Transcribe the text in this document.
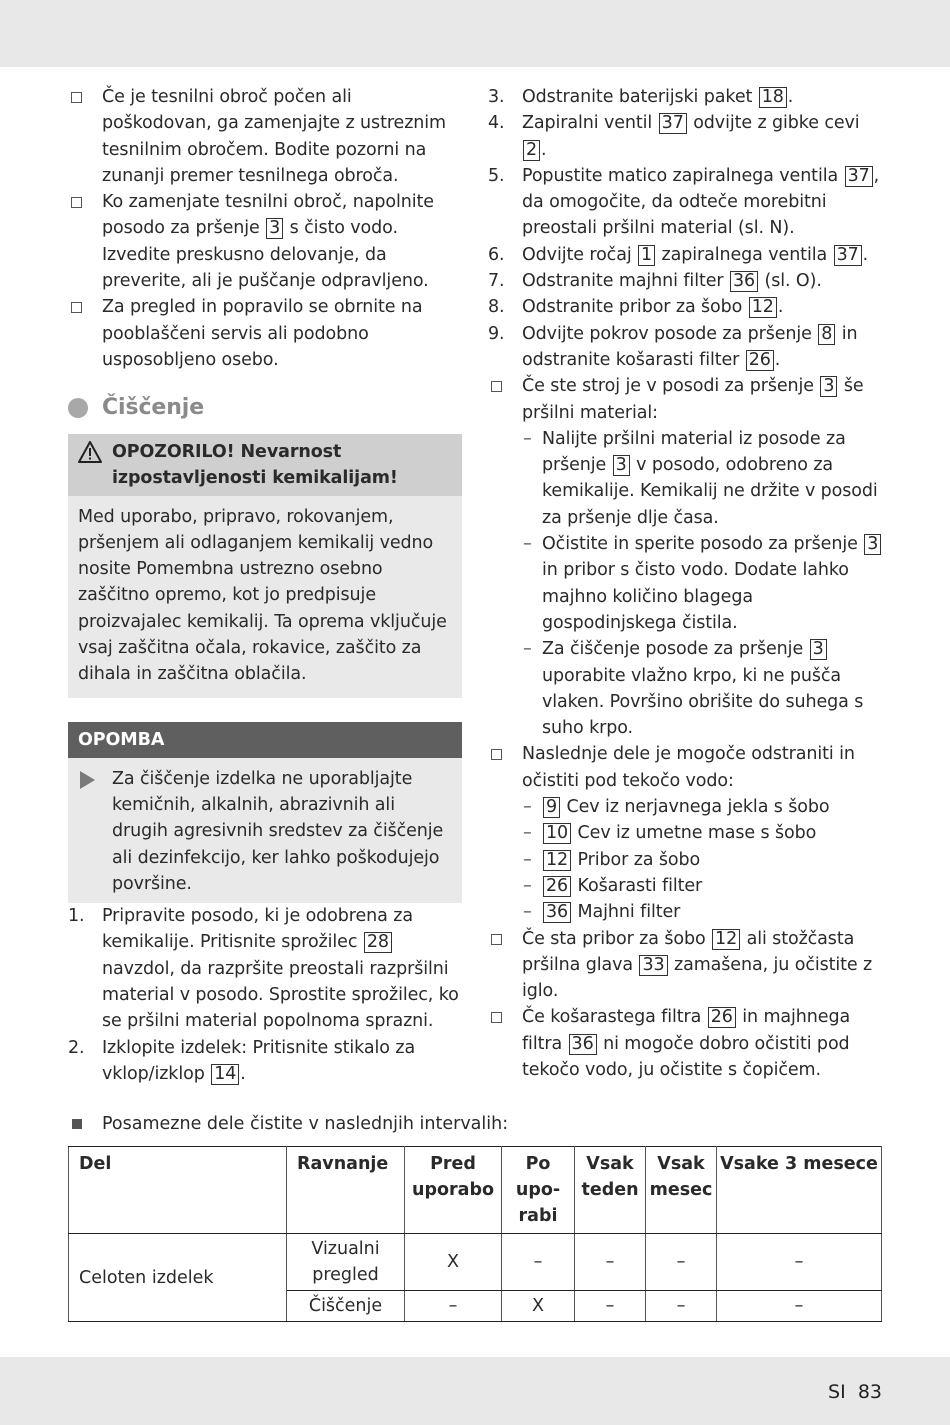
Če je tesnilni obroč počen ali poškodovan, ga zamenjajte z ustreznim tesnilnim obročem. Bodite pozorni na zunanji premer tesnilnega obroča.
Ko zamenjate tesnilni obroč, napolnite posodo za pršenje 3 s čisto vodo. Izvedite preskusno delovanje, da preverite, ali je puščanje odpravljeno.
Za pregled in popravilo se obrnite na pooblaščeni servis ali podobno usposobljeno osebo.
Čiščenje
OPOZORILO! Nevarnost izpostavljenosti kemikalijam!
Med uporabo, pripravo, rokovanjem, pršenjem ali odlaganjem kemikalij vedno nosite Pomembna ustrezno osebno zaščitno opremo, kot jo predpisuje proizvajalec kemikalij. Ta oprema vključuje vsaj zaščitna očala, rokavice, zaščito za dihala in zaščitna oblačila.
OPOMBA
Za čiščenje izdelka ne uporabljajte kemičnih, alkalnih, abrazivnih ali drugih agresivnih sredstev za čiščenje ali dezinfekcijo, ker lahko poškodujejo površine.
1. Pripravite posodo, ki je odobrena za kemikalije. Pritisnite sprožilec 28 navzdol, da razpršite preostali razpršilni material v posodo. Sprostite sprožilec, ko se pršilni material popolnoma sprazni.
2. Izklopite izdelek: Pritisnite stikalo za vklop/izklop 14 .
3. Odstranite baterijski paket 18 .
4. Zapiralni ventil 37 odvijte z gibke cevi 2 .
5. Popustite matico zapiralnega ventila 37 , da omogočite, da odteče morebitni preostali pršilni material (sl. N).
6. Odvijte ročaj 1 zapiralnega ventila 37 .
7. Odstranite majhni filter 36 (sl. O).
8. Odstranite pribor za šobo 12 .
9. Odvijte pokrov posode za pršenje 8 in odstranite košarasti filter 26 .
Če ste stroj je v posodi za pršenje 3 še pršilni material:
– Nalijte pršilni material iz posode za pršenje 3 v posodo, odobreno za kemikalije. Kemikalij ne držite v posodi za pršenje dlje časa.
– Očistite in sperite posodo za pršenje 3 in pribor s čisto vodo. Dodate lahko majhno količino blagega gospodinjskega čistila.
– Za čiščenje posode za pršenje 3 uporabite vlažno krpo, ki ne pušča vlaken. Površino obrišite do suhega s suho krpo.
Naslednje dele je mogoče odstraniti in očistiti pod tekočo vodo:
– 9 Cev iz nerjavnega jekla s šobo
– 10 Cev iz umetne mase s šobo
– 12 Pribor za šobo
– 26 Košarasti filter
– 36 Majhni filter
Če sta pribor za šobo 12 ali stožčasta pršilna glava 33 zamašena, ju očistite z iglo.
Če košarastega filtra 26 in majhnega filtra 36 ni mogoče dobro očistiti pod tekočo vodo, ju očistite s čopičem.
Posamezne dele čistite v naslednjih intervalih:
Del	Ravnanje	Pred uporabo	Po upo-rabi	Vsak teden	Vsak mesec	Vsake 3 mesece
Celoten izdelek	Vizualni pregled	X	–	–	–	–
	Čiščenje	–	X	–	–	–
SI 83
